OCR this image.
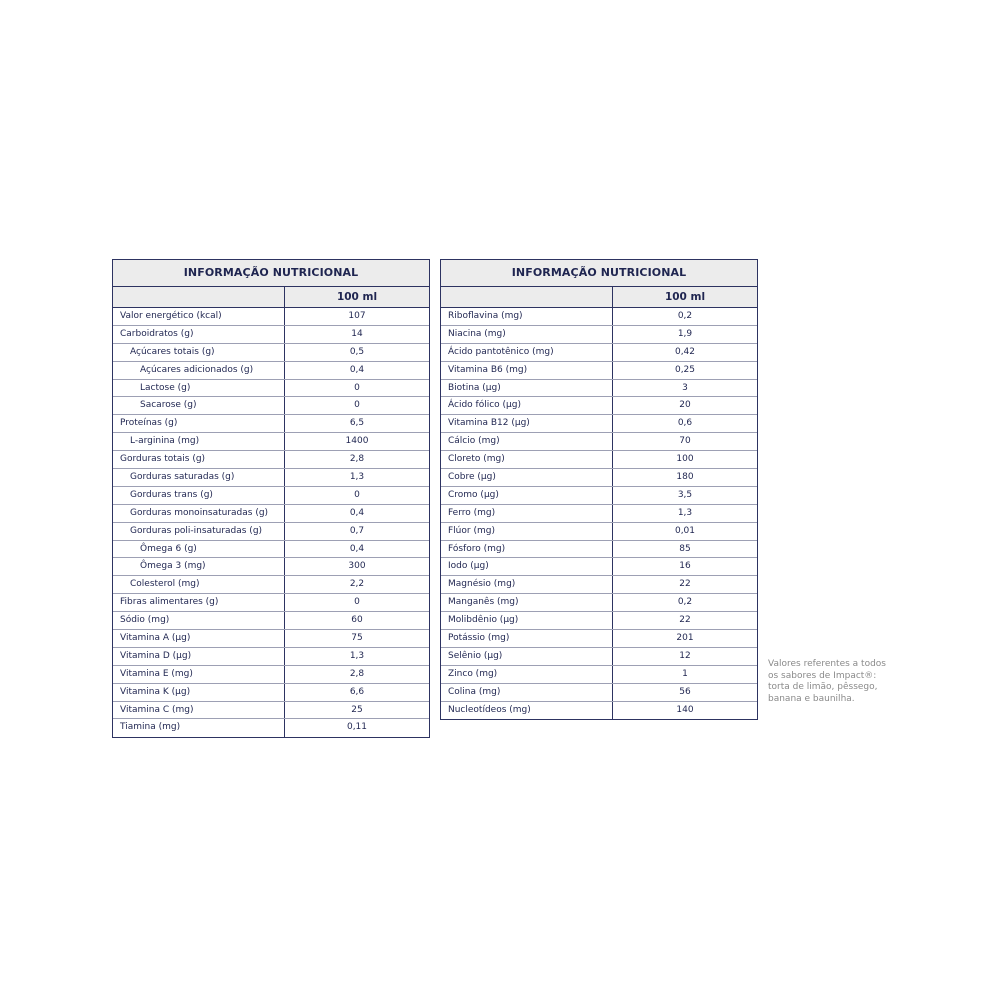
INFORMAÇÃO NUTRICIONAL
100 ml
Valor energético (kcal)	107
Carboidratos (g)	14
Açúcares totais (g)	0,5
Açúcares adicionados (g)	0,4
Lactose (g)	0
Sacarose (g)	0
Proteínas (g)	6,5
L-arginina (mg)	1400
Gorduras totais (g)	2,8
Gorduras saturadas (g)	1,3
Gorduras trans (g)	0
Gorduras monoinsaturadas (g)	0,4
Gorduras poli-insaturadas (g)	0,7
Ômega 6 (g)	0,4
Ômega 3 (mg)	300
Colesterol (mg)	2,2
Fibras alimentares (g)	0
Sódio (mg)	60
Vitamina A (µg)	75
Vitamina D (µg)	1,3
Vitamina E (mg)	2,8
Vitamina K (µg)	6,6
Vitamina C (mg)	25
Tiamina (mg)	0,11
INFORMAÇÃO NUTRICIONAL
100 ml
Riboflavina (mg)	0,2
Niacina (mg)	1,9
Ácido pantotênico (mg)	0,42
Vitamina B6 (mg)	0,25
Biotina (µg)	3
Ácido fólico (µg)	20
Vitamina B12 (µg)	0,6
Cálcio (mg)	70
Cloreto (mg)	100
Cobre (µg)	180
Cromo (µg)	3,5
Ferro (mg)	1,3
Flúor (mg)	0,01
Fósforo (mg)	85
Iodo (µg)	16
Magnésio (mg)	22
Manganês (mg)	0,2
Molibdênio (µg)	22
Potássio (mg)	201
Selênio (µg)	12
Zinco (mg)	1
Colina (mg)	56
Nucleotídeos (mg)	140
Valores referentes a todos os sabores de Impact®: torta de limão, pêssego, banana e baunilha.
